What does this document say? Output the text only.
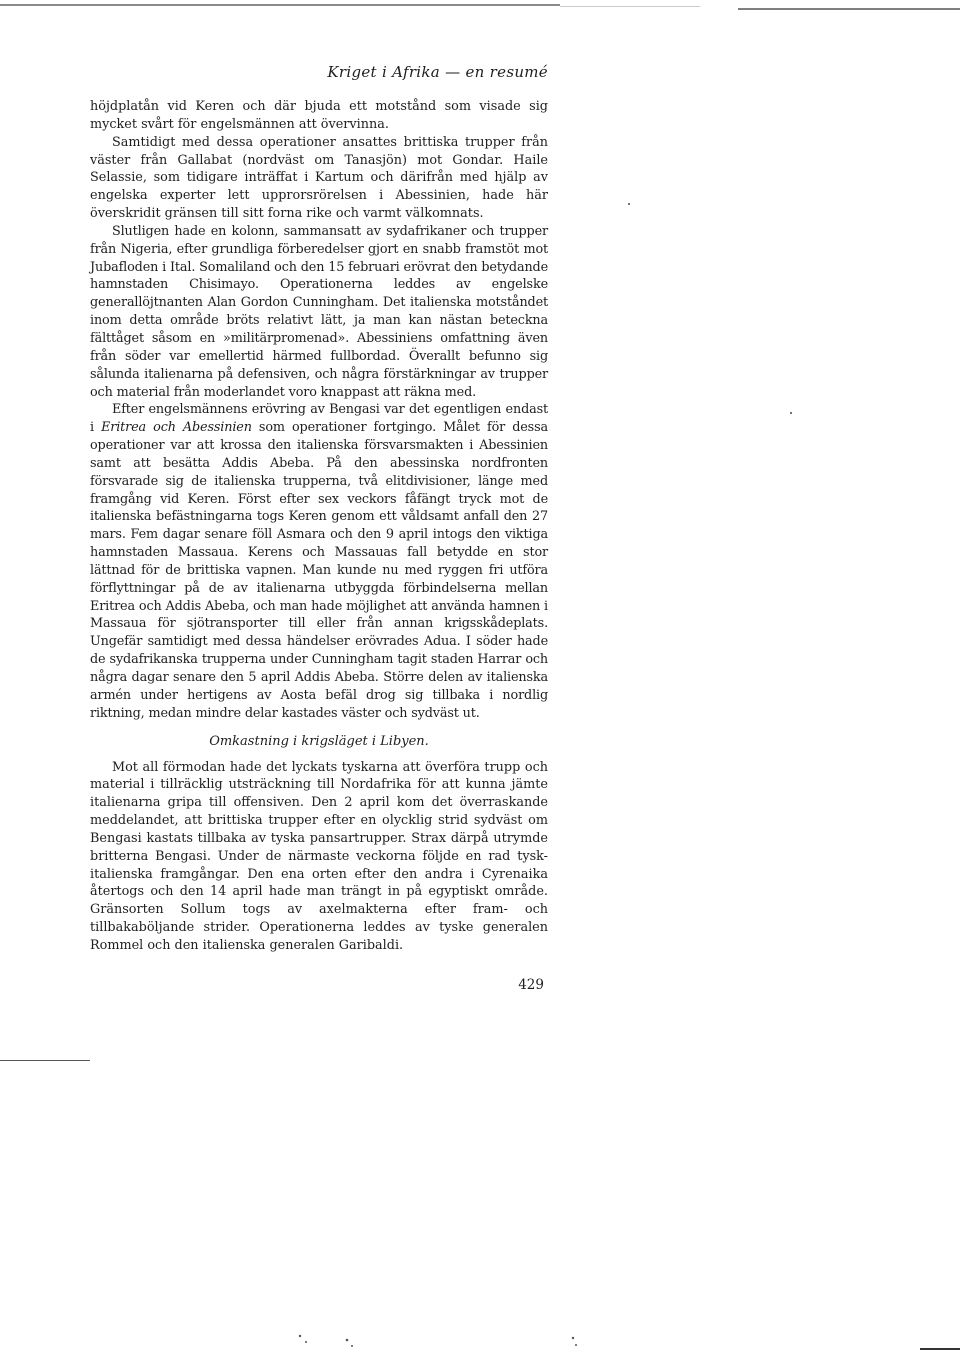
Kriget i Afrika — en resumé

höjdplatån vid Keren och där bjuda ett motstånd som visade sig mycket svårt för engelsmännen att övervinna.

Samtidigt med dessa operationer ansattes brittiska trupper från väster från Gallabat (nordväst om Tanasjön) mot Gondar. Haile Selassie, som tidigare inträffat i Kartum och därifrån med hjälp av engelska experter lett upprorsrörelsen i Abessinien, hade här överskridit gränsen till sitt forna rike och varmt välkomnats.

Slutligen hade en kolonn, sammansatt av sydafrikaner och trupper från Nigeria, efter grundliga förberedelser gjort en snabb framstöt mot Jubafloden i Ital. Somaliland och den 15 februari erövrat den betydande hamnstaden Chisimayo. Operationerna leddes av engelske generallöjtnanten Alan Gordon Cunningham. Det italienska motståndet inom detta område bröts relativt lätt, ja man kan nästan beteckna fälttåget såsom en »militärpromenad». Abessiniens omfattning även från söder var emellertid härmed fullbordad. Överallt befunno sig sålunda italienarna på defensiven, och några förstärkningar av trupper och material från moderlandet voro knappast att räkna med.

Efter engelsmännens erövring av Bengasi var det egentligen endast i Eritrea och Abessinien som operationer fortgingo. Målet för dessa operationer var att krossa den italienska försvarsmakten i Abessinien samt att besätta Addis Abeba. På den abessinska nordfronten försvarade sig de italienska trupperna, två elitdivisioner, länge med framgång vid Keren. Först efter sex veckors fåfängt tryck mot de italienska befästningarna togs Keren genom ett våldsamt anfall den 27 mars. Fem dagar senare föll Asmara och den 9 april intogs den viktiga hamnstaden Massaua. Kerens och Massauas fall betydde en stor lättnad för de brittiska vapnen. Man kunde nu med ryggen fri utföra förflyttningar på de av italienarna utbyggda förbindelserna mellan Eritrea och Addis Abeba, och man hade möjlighet att använda hamnen i Massaua för sjötransporter till eller från annan krigsskådeplats. Ungefär samtidigt med dessa händelser erövrades Adua. I söder hade de sydafrikanska trupperna under Cunningham tagit staden Harrar och några dagar senare den 5 april Addis Abeba. Större delen av italienska armén under hertigens av Aosta befäl drog sig tillbaka i nordlig riktning, medan mindre delar kastades väster och sydväst ut.

Omkastning i krigsläget i Libyen.

Mot all förmodan hade det lyckats tyskarna att överföra trupp och material i tillräcklig utsträckning till Nordafrika för att kunna jämte italienarna gripa till offensiven. Den 2 april kom det överraskande meddelandet, att brittiska trupper efter en olycklig strid sydväst om Bengasi kastats tillbaka av tyska pansartrupper. Strax därpå utrymde britterna Bengasi. Under de närmaste veckorna följde en rad tysk-italienska framgångar. Den ena orten efter den andra i Cyrenaika återtogs och den 14 april hade man trängt in på egyptiskt område. Gränsorten Sollum togs av axelmakterna efter fram- och tillbakaböljande strider. Operationerna leddes av tyske generalen Rommel och den italienska generalen Garibaldi.

429
